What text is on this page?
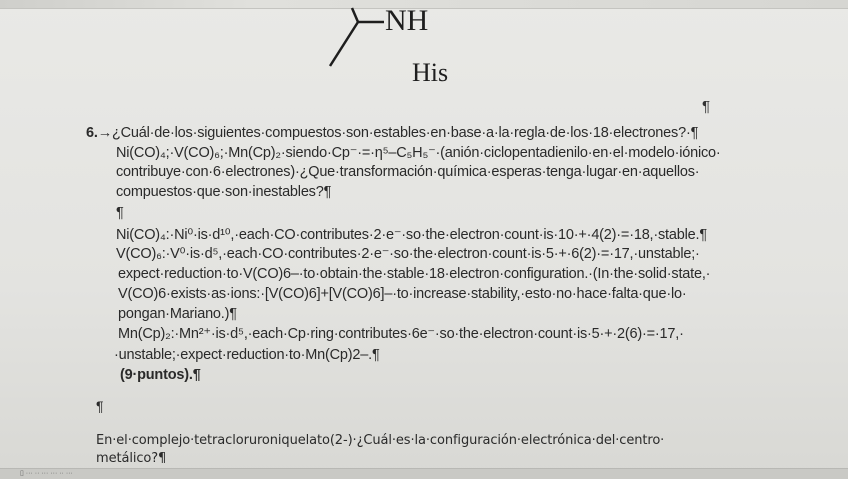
NH
His
¶
6.→¿Cuál·de·los·siguientes·compuestos·son·estables·en·base·a·la·regla·de·los·18·electrones?·¶
Ni(CO)₄;·V(CO)₆;·Mn(Cp)₂·siendo·Cp⁻·=·η⁵–C₅H₅⁻·(anión·ciclopentadienilo·en·el·modelo·iónico·
contribuye·con·6·electrones)·¿Que·transformación·química·esperas·tenga·lugar·en·aquellos·
compuestos·que·son·inestables?¶
¶
Ni(CO)₄:·Ni⁰·is·d¹⁰,·each·CO·contributes·2·e⁻·so·the·electron·count·is·10·+·4(2)·=·18,·stable.¶
V(CO)₆:·V⁰·is·d⁵,·each·CO·contributes·2·e⁻·so·the·electron·count·is·5·+·6(2)·=·17,·unstable;·
expect·reduction·to·V(CO)6–·to·obtain·the·stable·18·electron·configuration.·(In·the·solid·state,·
V(CO)6·exists·as·ions:·[V(CO)6]+[V(CO)6]–·to·increase·stability,·esto·no·hace·falta·que·lo·
pongan·Mariano.)¶
Mn(Cp)₂:·Mn²⁺·is·d⁵,·each·Cp·ring·contributes·6e⁻·so·the·electron·count·is·5·+·2(6)·=·17,·
·unstable;·expect·reduction·to·Mn(Cp)2–.¶
(9·puntos).¶
¶
En·el·complejo·tetracloruroniquelato(2-)·¿Cuál·es·la·configuración·electrónica·del·centro·
metálico?¶
▯ ··· ·· ··· ··· ·· ···
